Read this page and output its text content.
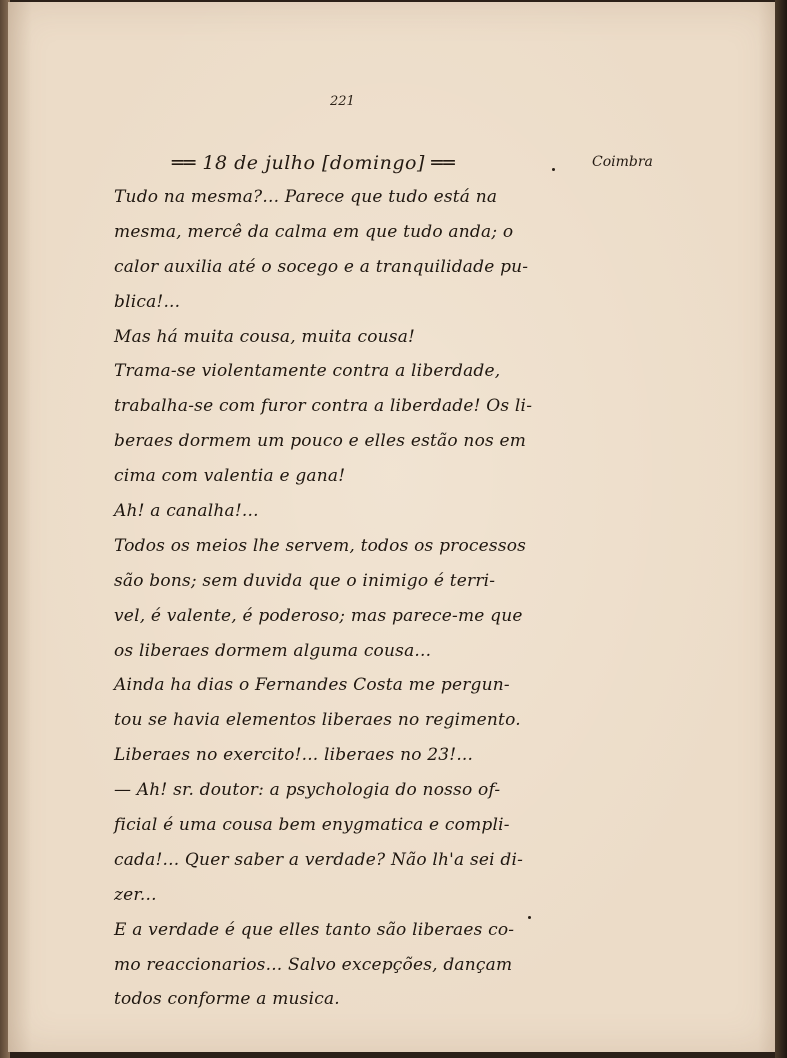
221
══ 18 de julho [domingo] ══	Coimbra
Tudo na mesma?... Parece que tudo está na
mesma, mercê da calma em que tudo anda; o
calor auxilia até o socego e a tranquilidade pu-
blica!...
Mas há muita cousa, muita cousa!
Trama-se violentamente contra a liberdade,
trabalha-se com furor contra a liberdade! Os li-
beraes dormem um pouco e elles estão nos em
cima com valentia e gana!
Ah! a canalha!...
Todos os meios lhe servem, todos os processos
são bons; sem duvida que o inimigo é terri-
vel, é valente, é poderoso; mas parece-me que
os liberaes dormem alguma cousa...
Ainda ha dias o Fernandes Costa me pergun-
tou se havia elementos liberaes no regimento.
Liberaes no exercito!... liberaes no 23!...
— Ah! sr. doutor: a psychologia do nosso of-
ficial é uma cousa bem enygmatica e compli-
cada!... Quer saber a verdade? Não lh'a sei di-
zer...
E a verdade é que elles tanto são liberaes co-
mo reaccionarios... Salvo excepções, dançam
todos conforme a musica.
